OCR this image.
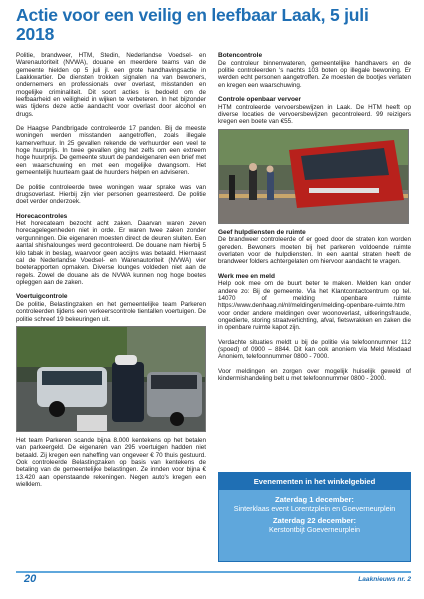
Actie voor een veilig en leefbaar Laak, 5 juli 2018

Politie, brandweer, HTM, Stedin, Nederlandse Voedsel- en Warenautoriteit (NVWA), douane en meerdere teams van de gemeente hielden op 5 juli jl. een grote handhavingsactie in Laakkwartier. De diensten trokken signalen na van bewoners, ondernemers en professionals over overlast, misstanden en mogelijke criminaliteit. Dit soort acties is bedoeld om de leefbaarheid en veiligheid in wijken te verbeteren. In het bijzonder was tijdens deze actie aandacht voor overlast door alcohol en drugs.

De Haagse Pandbrigade controleerde 17 panden. Bij de meeste woningen werden misstanden aangetroffen, zoals illegale kamerverhuur. In 25 gevallen rekende de verhuurder een veel te hoge huurprijs. In twee gevallen ging het zelfs om een extreem hoge huurprijs. De gemeente stuurt de pandeigenaren een brief met een waarschuwing en met een mogelijke dwangsom. Het gemeentelijk huurteam gaat de huurders helpen en adviseren.

De politie controleerde twee woningen waar sprake was van drugsoverlast. Hierbij zijn vier personen gearresteerd. De politie doet verder onderzoek.

Horecacontroles

Het horecateam bezocht acht zaken. Daarvan waren zeven horecagelegenheden niet in orde. Er waren twee zaken zonder vergunningen. Die eigenaren moesten direct de deuren sluiten. Een aantal shishalounges werd gecontroleerd. De douane nam hierbij 5 kilo tabak in beslag, waarvoor geen accijns was betaald. Hiernaast cal de Nederlandse Voedsel- en Warenautoriteit (NVWA) vier boeterapporten opmaken. Diverse lounges voldeden niet aan de regels. Zowel de douane als de NVWA kunnen nog hoge boetes opleggen aan de zaken.

Voertuigcontrole

De politie, Belastingzaken en het gemeentelijke team Parkeren controleerden tijdens een verkeerscontrole tientallen voertuigen. De politie schreef 19 bekeuringen uit.

Het team Parkeren scande bijna 8.000 kentekens op het betalen van parkeergeld. De eigenaren van 295 voertuigen hadden niet betaald. Zij kregen een naheffing van ongeveer € 70 thuis gestuurd. Ook controleerde Belastingzaken op basis van kentekens de betaling van de gemeentelijke belastingen. Ze innden voor bijna € 13.420 aan openstaande rekeningen. Negen auto's kregen een wielklem.

Botencontrole

De controleur binnenwateren, gemeentelijke handhavers en de politie controleerden 's nachts 103 boten op illegale bewoning. Er werden echt personen aangetroffen. Ze moesten de bootjes verlaten en kregen een waarschuwing.

Controle openbaar vervoer

HTM controleerde vervoersbewijzen in Laak. De HTM heeft op diverse locaties de vervoersbewijzen gecontroleerd. 99 reizigers kregen een boete van €55.

Geef hulpdiensten de ruimte

De brandweer controleerde of er goed door de straten kon worden gereden. Bewoners moeten bij het parkeren voldoende ruimte overlaten voor de hulpdiensten. In een aantal straten heeft de brandweer folders achtergelaten om hiervoor aandacht te vragen.

Werk mee en meld

Help ook mee om de buurt beter te maken. Melden kan onder andere zo: Bij de gemeente. Via het Klantcontactcentrum op tel. 14070 of melding openbare ruimte https://www.denhaag.nl/nl/meldingen/melding-openbare-ruimte.htm voor onder andere meldingen over woonoverlast, uitkeringsfraude, ongedierte, storing straatverlichting, afval, fietswrakken en zaken die in openbare ruimte kapot zijn.

Verdachte situaties meldt u bij de politie via telefoonnummer 112 (spoed) of 0900 – 8844. Dit kan ook anoniem via Meld Misdaad Anoniem, telefoonnummer 0800 - 7000.

Voor meldingen en zorgen over mogelijk huiselijk geweld of kindermishandeling belt u met telefoonnummer 0800 - 2000.

Evenementen in het winkelgebied
Zaterdag 1 december:
Sinterklaas event Lorentzplein en Goeverneurplein
Zaterdag 22 december:
Kerstontbijt Goeverneurplein
20	Laaknieuws nr. 2
